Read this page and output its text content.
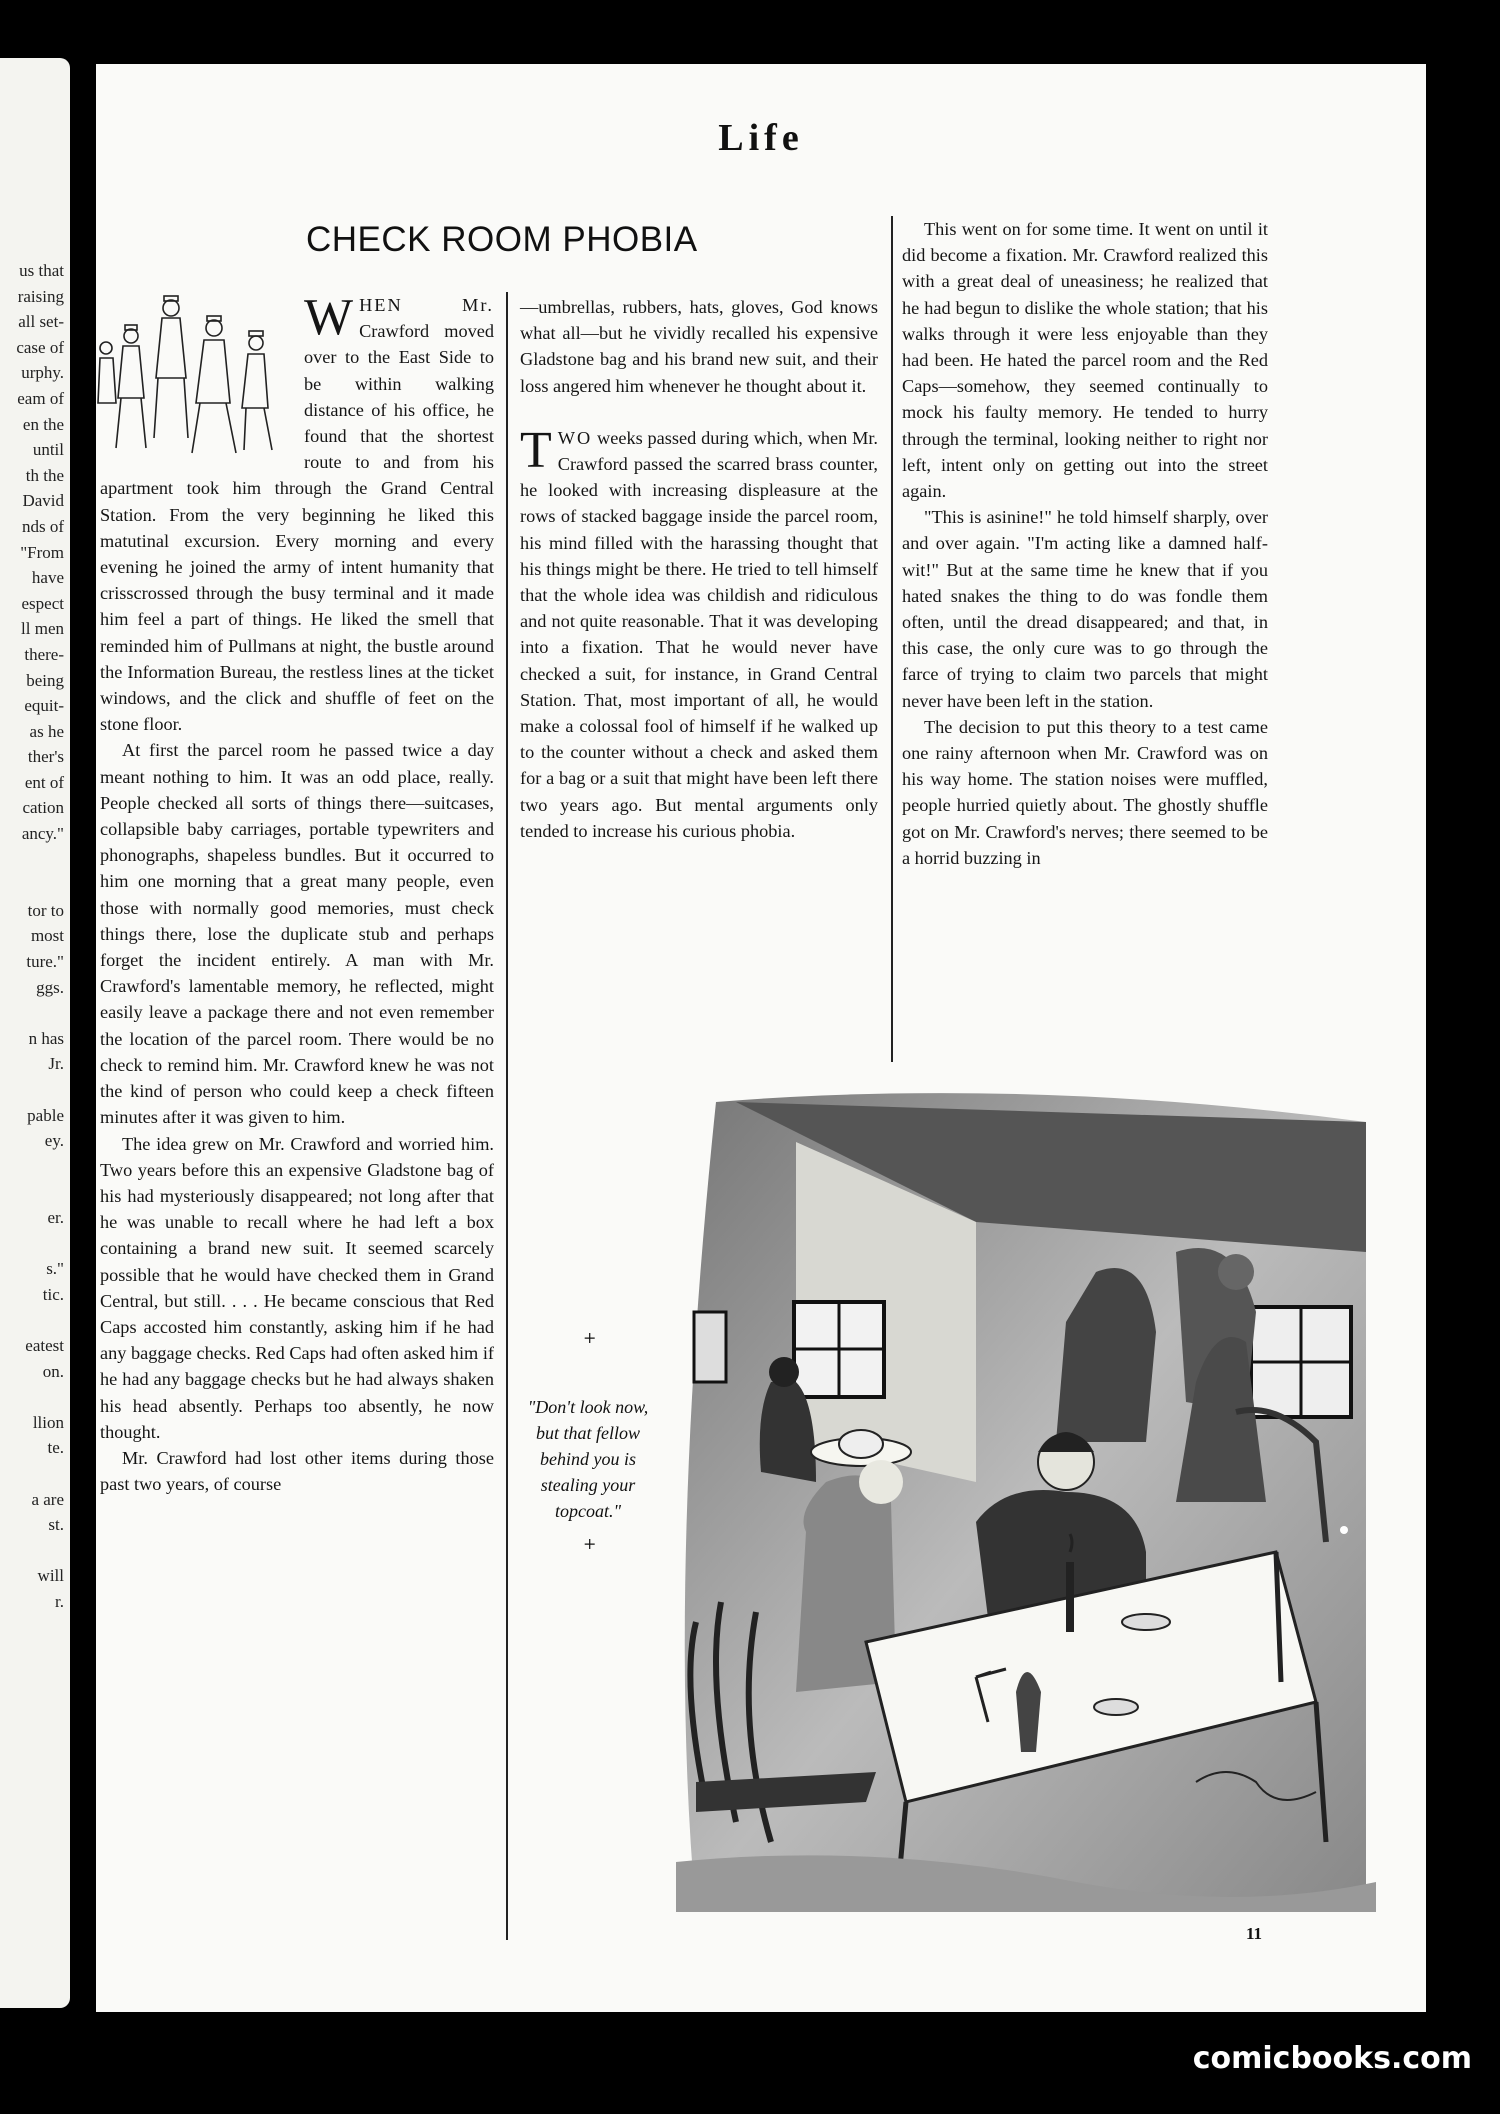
us that
raising
all set-
case of
urphy.
eam of
en the
until
th the
David
nds of
"From
have
espect
ll men
there-
being
equit-
as he
ther's
ent of
cation
ancy."

tor to
most
ture."
ggs.

n has
Jr.

pable
ey.

er.

s."
tic.

eatest
on.

llion
te.

a are
st.

will
r.
Life
CHECK ROOM PHOBIA

WHEN Mr. Crawford moved over to the East Side to be within walking distance of his office, he found that the shortest route to and from his apartment took him through the Grand Central Station. From the very beginning he liked this matutinal excursion. Every morning and every evening he joined the army of intent humanity that crisscrossed through the busy terminal and it made him feel a part of things. He liked the smell that reminded him of Pullmans at night, the bustle around the Information Bureau, the restless lines at the ticket windows, and the click and shuffle of feet on the stone floor.

At first the parcel room he passed twice a day meant nothing to him. It was an odd place, really. People checked all sorts of things there—suitcases, collapsible baby carriages, portable typewriters and phonographs, shapeless bundles. But it occurred to him one morning that a great many people, even those with normally good memories, must check things there, lose the duplicate stub and perhaps forget the incident entirely. A man with Mr. Crawford's lamentable memory, he reflected, might easily leave a package there and not even remember the location of the parcel room. There would be no check to remind him. Mr. Crawford knew he was not the kind of person who could keep a check fifteen minutes after it was given to him.

The idea grew on Mr. Crawford and worried him. Two years before this an expensive Gladstone bag of his had mysteriously disappeared; not long after that he was unable to recall where he had left a box containing a brand new suit. It seemed scarcely possible that he would have checked them in Grand Central, but still. . . . He became conscious that Red Caps accosted him constantly, asking him if he had any baggage checks. Red Caps had often asked him if he had any baggage checks but he had always shaken his head absently. Perhaps too absently, he now thought.

Mr. Crawford had lost other items during those past two years, of course

—umbrellas, rubbers, hats, gloves, God knows what all—but he vividly recalled his expensive Gladstone bag and his brand new suit, and their loss angered him whenever he thought about it.

TWO weeks passed during which, when Mr. Crawford passed the scarred brass counter, he looked with increasing displeasure at the rows of stacked baggage inside the parcel room, his mind filled with the harassing thought that his things might be there. He tried to tell himself that the whole idea was childish and ridiculous and not quite reasonable. That it was developing into a fixation. That he would never have checked a suit, for instance, in Grand Central Station. That, most important of all, he would make a colossal fool of himself if he walked up to the counter without a check and asked them for a bag or a suit that might have been left there two years ago. But mental arguments only tended to increase his curious phobia.

This went on for some time. It went on until it did become a fixation. Mr. Crawford realized this with a great deal of uneasiness; he realized that he had begun to dislike the whole station; that his walks through it were less enjoyable than they had been. He hated the parcel room and the Red Caps—somehow, they seemed continually to mock his faulty memory. He tended to hurry through the terminal, looking neither to right nor left, intent only on getting out into the street again.

"This is asinine!" he told himself sharply, over and over again. "I'm acting like a damned half-wit!" But at the same time he knew that if you hated snakes the thing to do was fondle them often, until the dread disappeared; and that, in this case, the only cure was to go through the farce of trying to claim two parcels that might never have been left in the station.

The decision to put this theory to a test came one rainy afternoon when Mr. Crawford was on his way home. The station noises were muffled, people hurried quietly about. The ghostly shuffle got on Mr. Crawford's nerves; there seemed to be a horrid buzzing in

+
"Don't look now, but that fellow behind you is stealing your topcoat."
+
11
comicbooks.com
